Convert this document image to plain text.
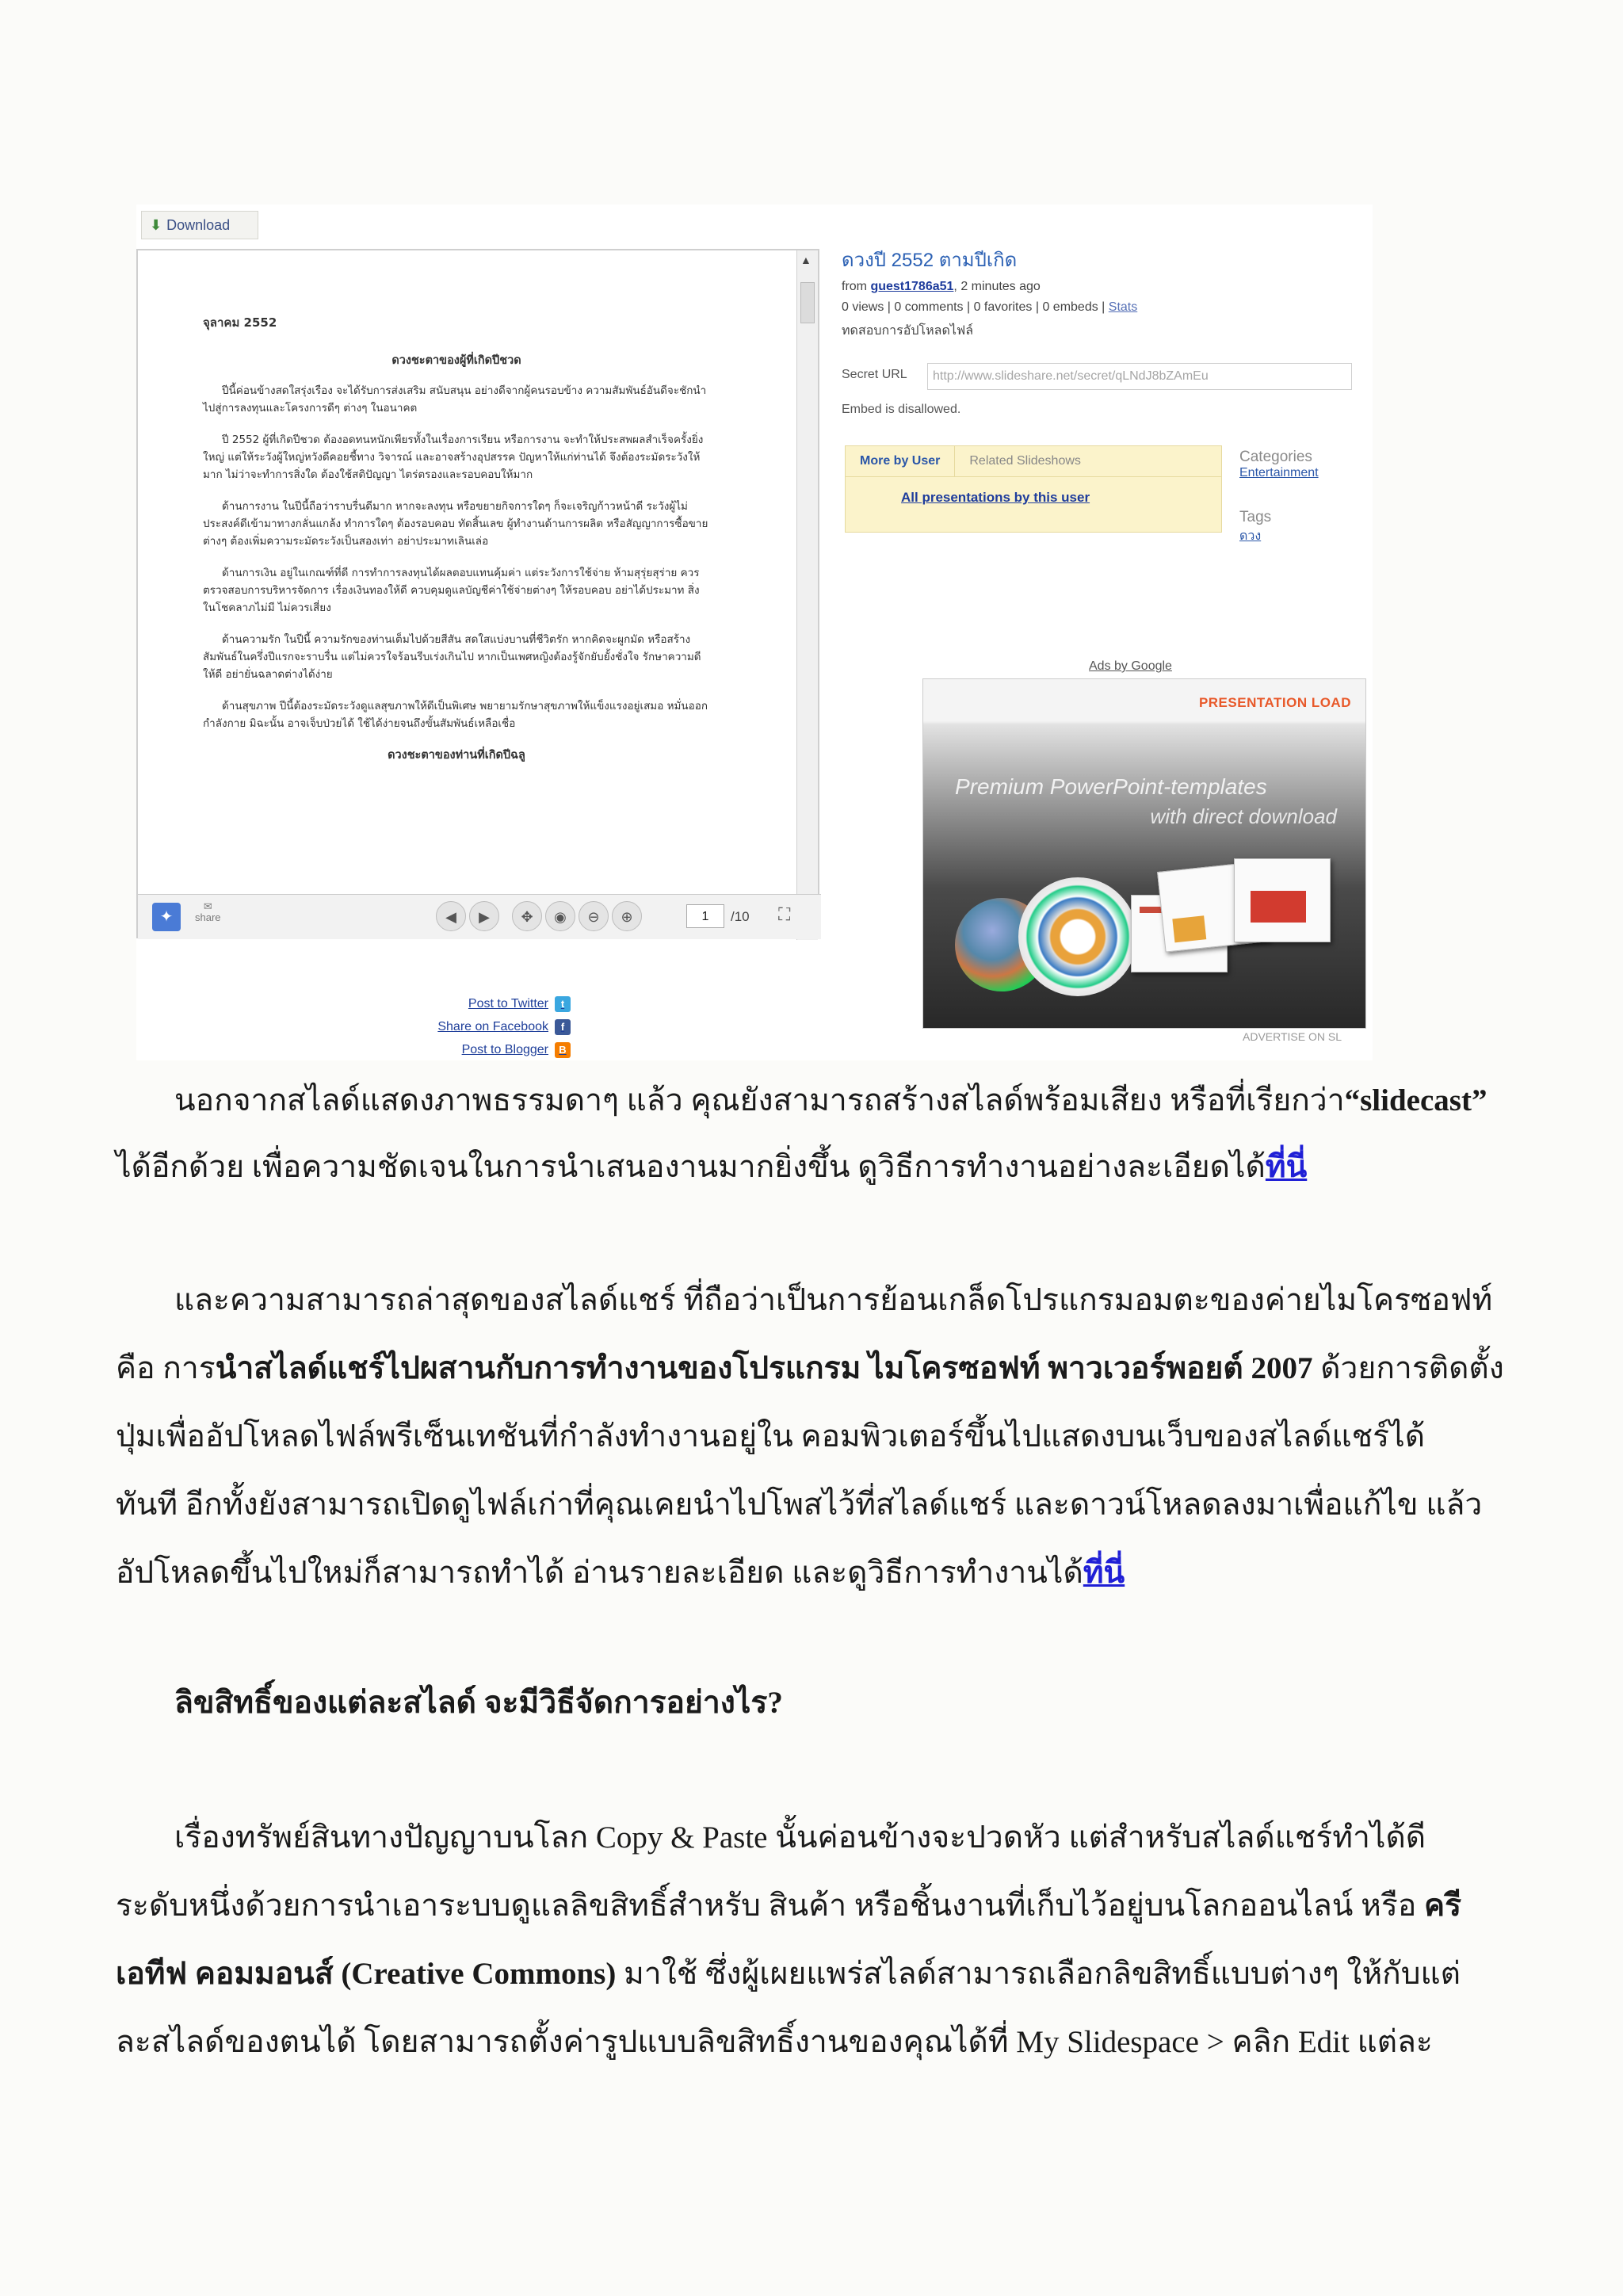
⬇ Download
จุลาคม 2552
ดวงชะตาของผู้ที่เกิดปีชวด

ปีนี้ค่อนข้างสดใสรุ่งเรือง จะได้รับการส่งเสริม สนับสนุน อย่างดีจากผู้คนรอบข้าง ความสัมพันธ์อันดีจะชักนำไปสู่การลงทุนและโครงการดีๆ ต่างๆ ในอนาคต

ปี 2552 ผู้ที่เกิดปีชวด ต้องอดทนหนักเพียรทั้งในเรื่องการเรียน หรือการงาน จะทำให้ประสพผลสำเร็จครั้งยิ่งใหญ่ แต่ให้ระวังผู้ใหญ่หวังดีคอยชี้ทาง วิจารณ์ และอาจสร้างอุปสรรค ปัญหาให้แก่ท่านได้ จึงต้องระมัดระวังให้มาก ไม่ว่าจะทำการสิ่งใด ต้องใช้สติปัญญา ไตร่ตรองและรอบคอบให้มาก

ด้านการงาน ในปีนี้ถือว่าราบรื่นดีมาก หากจะลงทุน หรือขยายกิจการใดๆ ก็จะเจริญก้าวหน้าดี ระวังผู้ไม่ประสงค์ดีเข้ามาทางกลั่นแกล้ง ทำการใดๆ ต้องรอบคอบ ทัดสิ้นเลข ผู้ทำงานด้านการผลิต หรือสัญญาการซื้อขายต่างๆ ต้องเพิ่มความระมัดระวังเป็นสองเท่า อย่าประมาทเลินเล่อ

ด้านการเงิน อยู่ในเกณฑ์ที่ดี การทำการลงทุนได้ผลตอบแทนคุ้มค่า แต่ระวังการใช้จ่าย ห้ามสุรุ่ยสุร่าย ควรตรวจสอบการบริหารจัดการ เรื่องเงินทองให้ดี ควบคุมดูแลบัญชีค่าใช้จ่ายต่างๆ ให้รอบคอบ อย่าได้ประมาท สิ่งในโชคลาภไม่มี ไม่ควรเสี่ยง

ด้านความรัก ในปีนี้ ความรักของท่านเต็มไปด้วยสีสัน สดใสแบ่งบานที่ชีวิตรัก หากคิดจะผูกมัด หรือสร้างสัมพันธ์ในครึ่งปีแรกจะราบรื่น แต่ไม่ควรใจร้อนรีบเร่งเกินไป หากเป็นเพศหญิงต้องรู้จักยับยั้งชั่งใจ รักษาความดีให้ดี อย่ายั่นฉลาดต่างได้ง่าย

ด้านสุขภาพ ปีนี้ต้องระมัดระวังดูแลสุขภาพให้ดีเป็นพิเศษ พยายามรักษาสุขภาพให้แข็งแรงอยู่เสมอ หมั่นออกกำลังกาย มิฉะนั้น อาจเจ็บป่วยได้ ใช้ได้ง่ายจนถึงขั้นสัมพันธ์เหลือเชื่อ

ดวงชะตาของท่านที่เกิดปีฉลู
▲
✦
✉
share	◀	▶	✥	◉	⊖	⊕	1	/10 ⛶
Post to Twitter	t
Share on Facebook	f
Post to Blogger	B
ดวงปี 2552 ตามปีเกิด
from guest1786a51, 2 minutes ago
0 views | 0 comments | 0 favorites | 0 embeds | Stats
ทดสอบการอัปโหลดไฟล์
Secret URL	http://www.slideshare.net/secret/qLNdJ8bZAmEu
Embed is disallowed.
More by User	Related Slideshows
All presentations by this user
Categories
Entertainment
Tags
ดวง
Ads by Google
PRESENTATION LOAD
Premium PowerPoint-templates
with direct download
ADVERTISE ON SL

นอกจากสไลด์แสดงภาพธรรมดาๆ แล้ว คุณยังสามารถสร้างสไลด์พร้อมเสียง หรือที่เรียกว่า“slidecast”

ได้อีกด้วย เพื่อความชัดเจนในการนำเสนองานมากยิ่งขึ้น ดูวิธีการทำงานอย่างละเอียดได้ที่นี่

และความสามารถล่าสุดของสไลด์แชร์ ที่ถือว่าเป็นการย้อนเกล็ดโปรแกรมอมตะของค่ายไมโครซอฟท์

คือ การนำสไลด์แชร์ไปผสานกับการทำงานของโปรแกรม ไมโครซอฟท์ พาวเวอร์พอยต์ 2007 ด้วยการติดตั้ง

ปุ่มเพื่ออัปโหลดไฟล์พรีเซ็นเทชันที่กำลังทำงานอยู่ใน คอมพิวเตอร์ขึ้นไปแสดงบนเว็บของสไลด์แชร์ได้

ทันที อีกทั้งยังสามารถเปิดดูไฟล์เก่าที่คุณเคยนำไปโพสไว้ที่สไลด์แชร์ และดาวน์โหลดลงมาเพื่อแก้ไข แล้ว

อัปโหลดขึ้นไปใหม่ก็สามารถทำได้ อ่านรายละเอียด และดูวิธีการทำงานได้ที่นี่

ลิขสิทธิ์ของแต่ละสไลด์ จะมีวิธีจัดการอย่างไร?

เรื่องทรัพย์สินทางปัญญาบนโลก Copy & Paste นั้นค่อนข้างจะปวดหัว แต่สำหรับสไลด์แชร์ทำได้ดี

ระดับหนึ่งด้วยการนำเอาระบบดูแลลิขสิทธิ์สำหรับ สินค้า หรือชิ้นงานที่เก็บไว้อยู่บนโลกออนไลน์ หรือ ครี

เอทีฟ คอมมอนส์ (Creative Commons) มาใช้ ซึ่งผู้เผยแพร่สไลด์สามารถเลือกลิขสิทธิ์แบบต่างๆ ให้กับแต่

ละสไลด์ของตนได้ โดยสามารถตั้งค่ารูปแบบลิขสิทธิ์งานของคุณได้ที่ My Slidespace > คลิก Edit แต่ละ
